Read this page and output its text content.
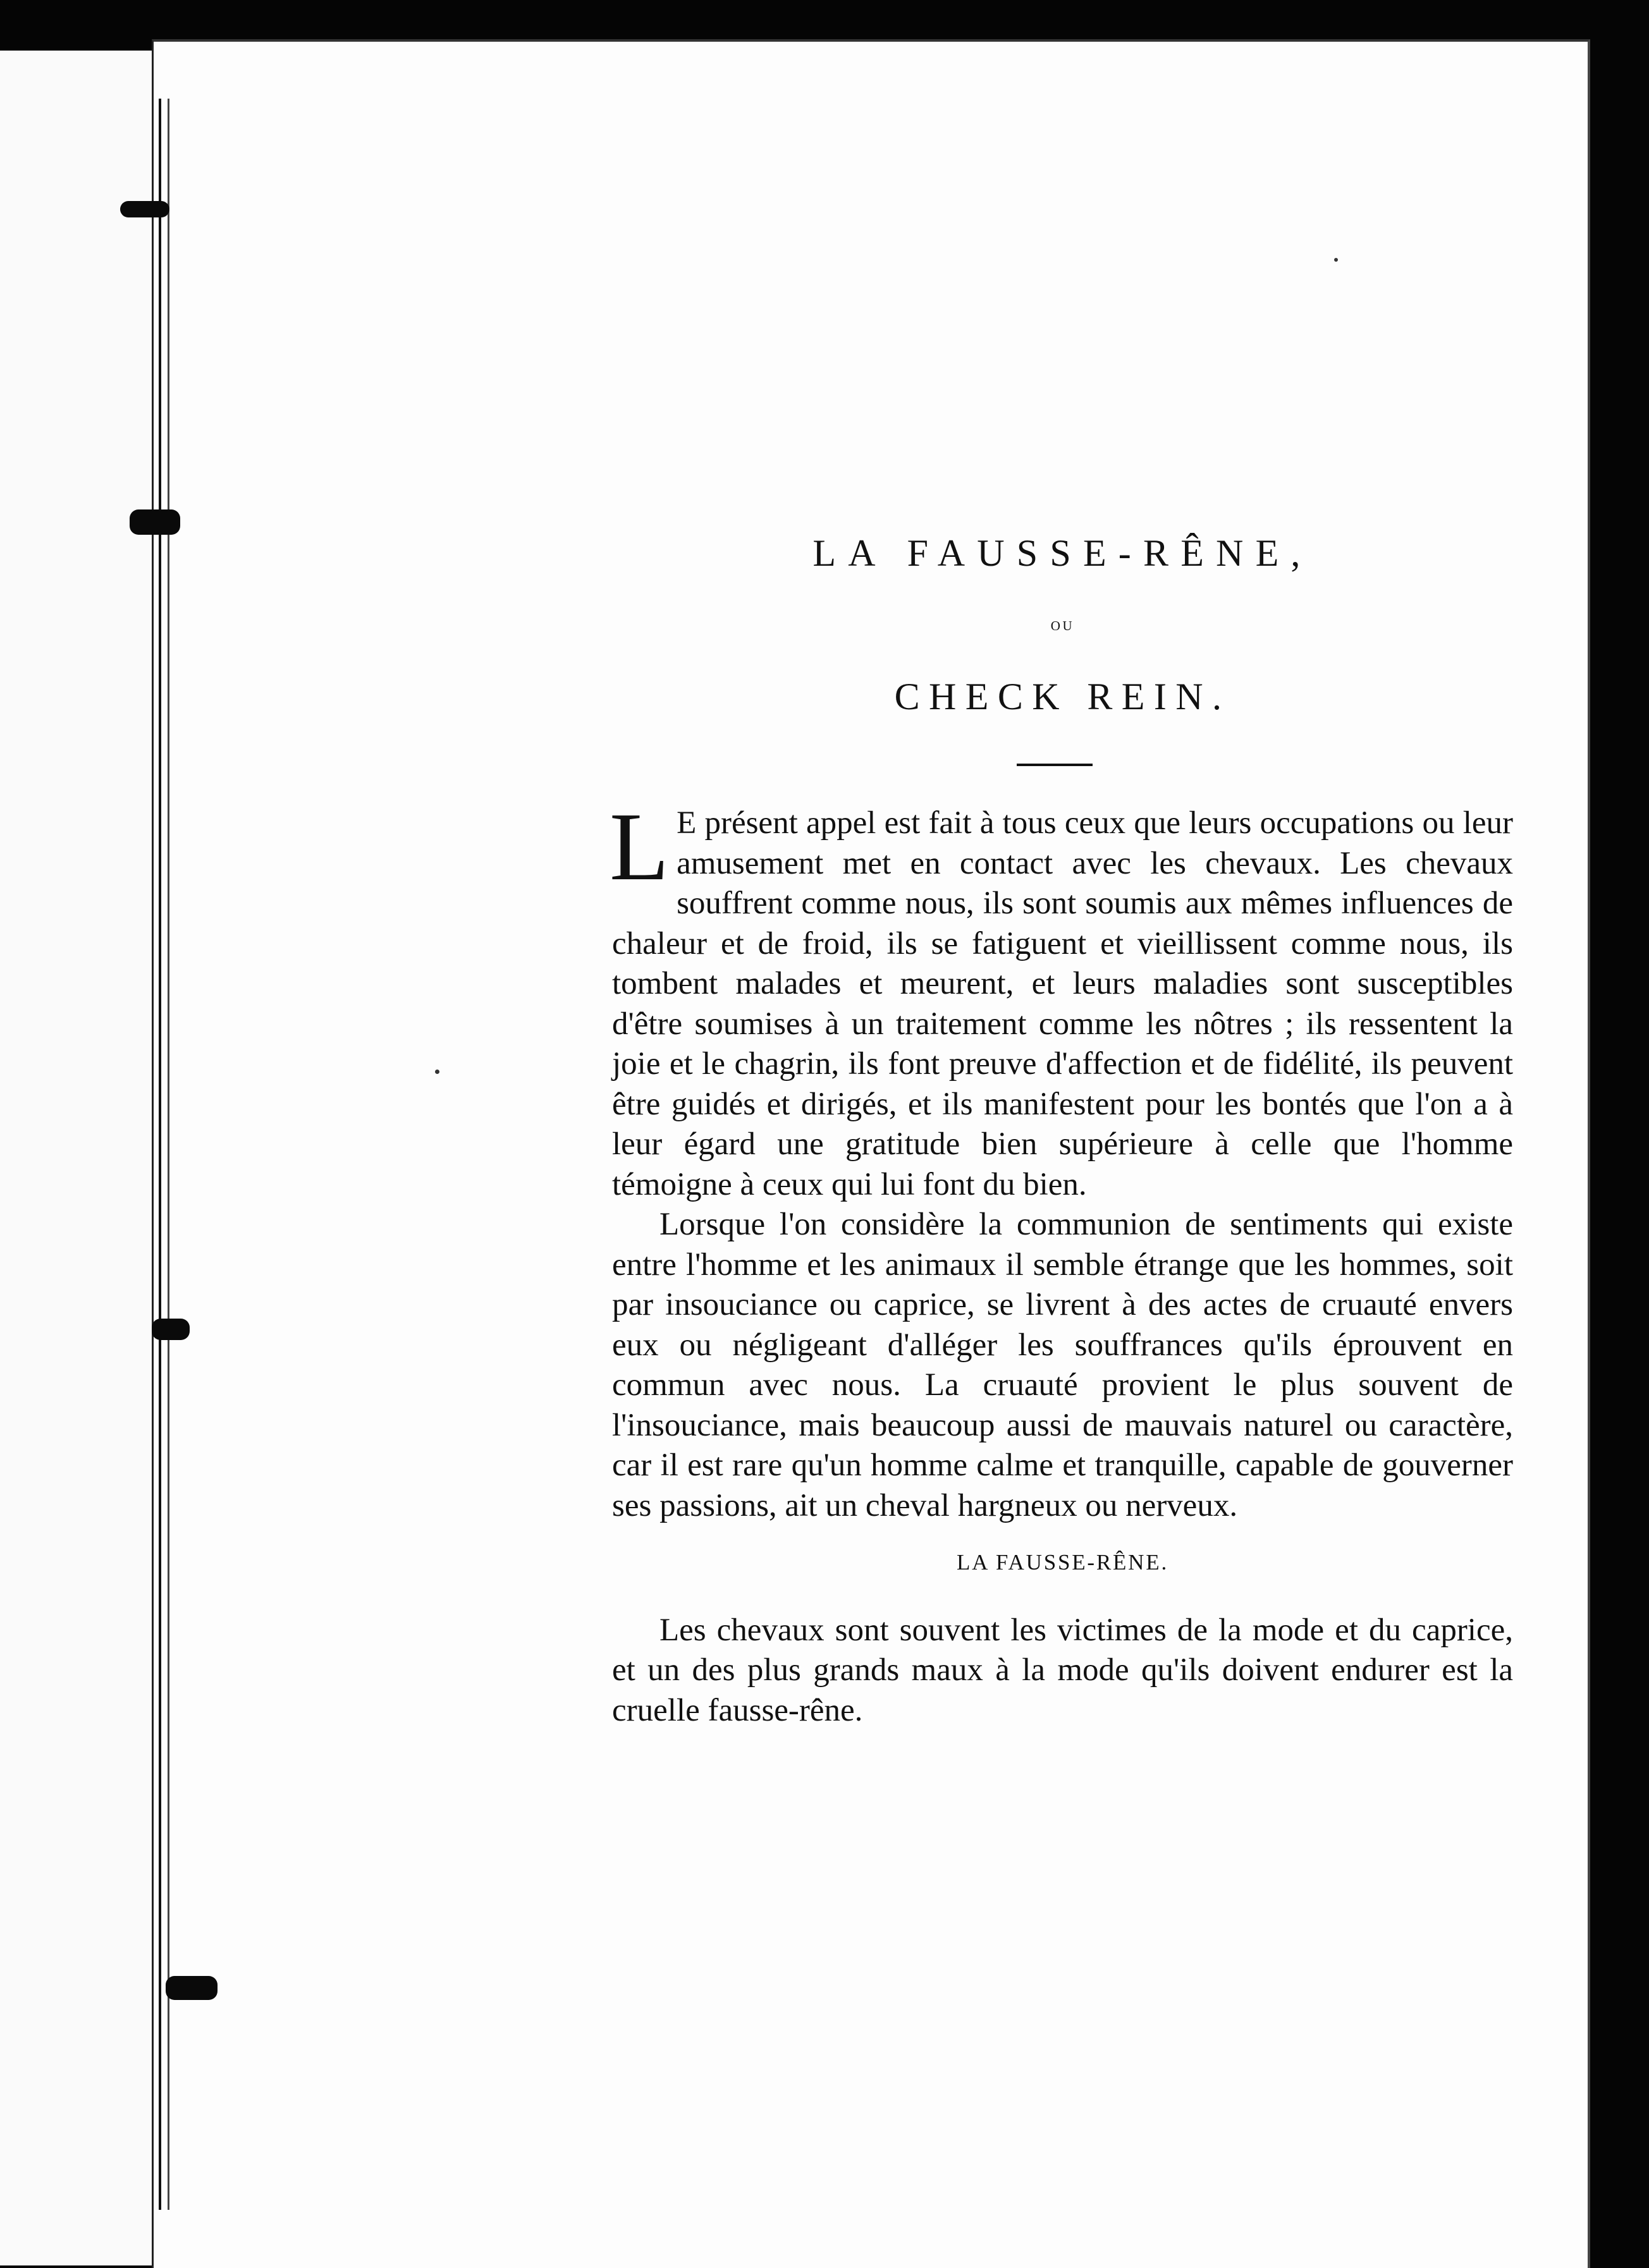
LA FAUSSE-RÊNE,
ou
CHECK REIN.

L E présent appel est fait à tous ceux que leurs occupations ou leur amusement met en contact avec les chevaux. Les chevaux souffrent comme nous, ils sont soumis aux mêmes influences de chaleur et de froid, ils se fatiguent et vieillissent comme nous, ils tombent malades et meurent, et leurs maladies sont susceptibles d'être soumises à un traitement comme les nôtres ; ils ressentent la joie et le chagrin, ils font preuve d'affection et de fidélité, ils peuvent être guidés et dirigés, et ils manifestent pour les bontés que l'on a à leur égard une gratitude bien supérieure à celle que l'homme témoigne à ceux qui lui font du bien.

Lorsque l'on considère la communion de sentiments qui existe entre l'homme et les animaux il semble étrange que les hommes, soit par insouciance ou caprice, se livrent à des actes de cruauté envers eux ou négligeant d'alléger les souffrances qu'ils éprouvent en commun avec nous. La cruauté provient le plus souvent de l'insouciance, mais beaucoup aussi de mauvais naturel ou caractère, car il est rare qu'un homme calme et tranquille, capable de gouverner ses passions, ait un cheval hargneux ou nerveux.

LA FAUSSE-RÊNE.

Les chevaux sont souvent les victimes de la mode et du caprice, et un des plus grands maux à la mode qu'ils doivent endurer est la cruelle fausse-rêne.
